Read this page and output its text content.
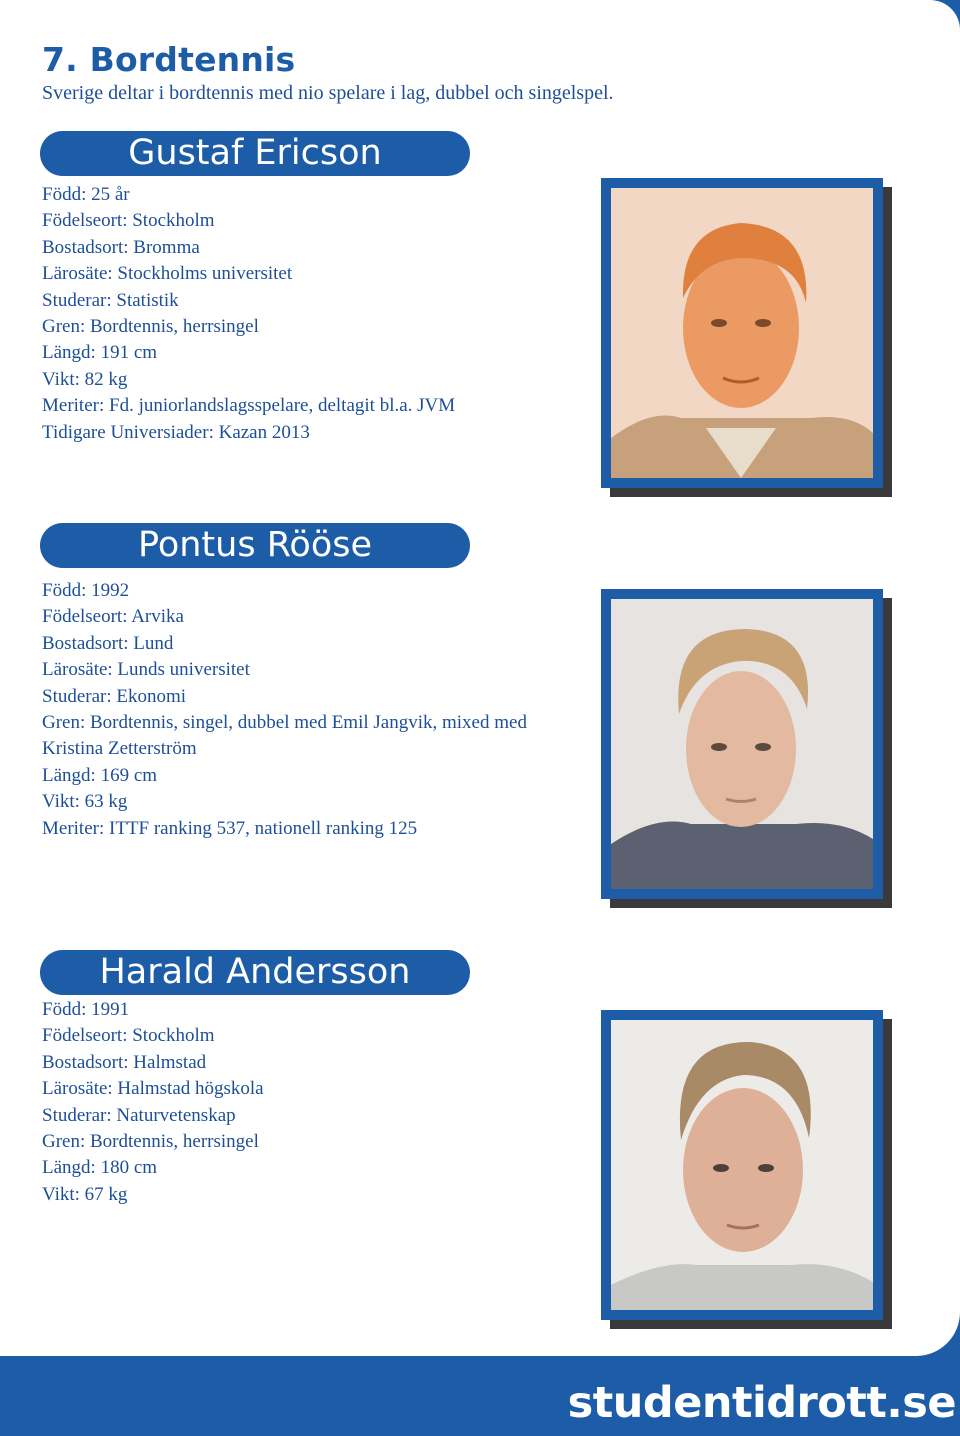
7. Bordtennis

Sverige deltar i bordtennis med nio spelare i lag, dubbel och singelspel.

Gustaf Ericson
Född: 25 år
Födelseort: Stockholm
Bostadsort: Bromma
Lärosäte: Stockholms universitet
Studerar: Statistik
Gren: Bordtennis, herrsingel
Längd: 191 cm
Vikt: 82 kg
Meriter: Fd. juniorlandslagsspelare, deltagit bl.a. JVM
Tidigare Universiader: Kazan 2013
Pontus Rööse
Född: 1992
Födelseort: Arvika
Bostadsort: Lund
Lärosäte: Lunds universitet
Studerar: Ekonomi
Gren: Bordtennis, singel, dubbel med Emil Jangvik, mixed med
Kristina Zetterström
Längd: 169 cm
Vikt: 63 kg
Meriter: ITTF ranking 537, nationell ranking 125
Harald Andersson
Född: 1991
Födelseort: Stockholm
Bostadsort: Halmstad
Lärosäte: Halmstad högskola
Studerar: Naturvetenskap
Gren: Bordtennis, herrsingel
Längd: 180 cm
Vikt: 67 kg
studentidrott.se
